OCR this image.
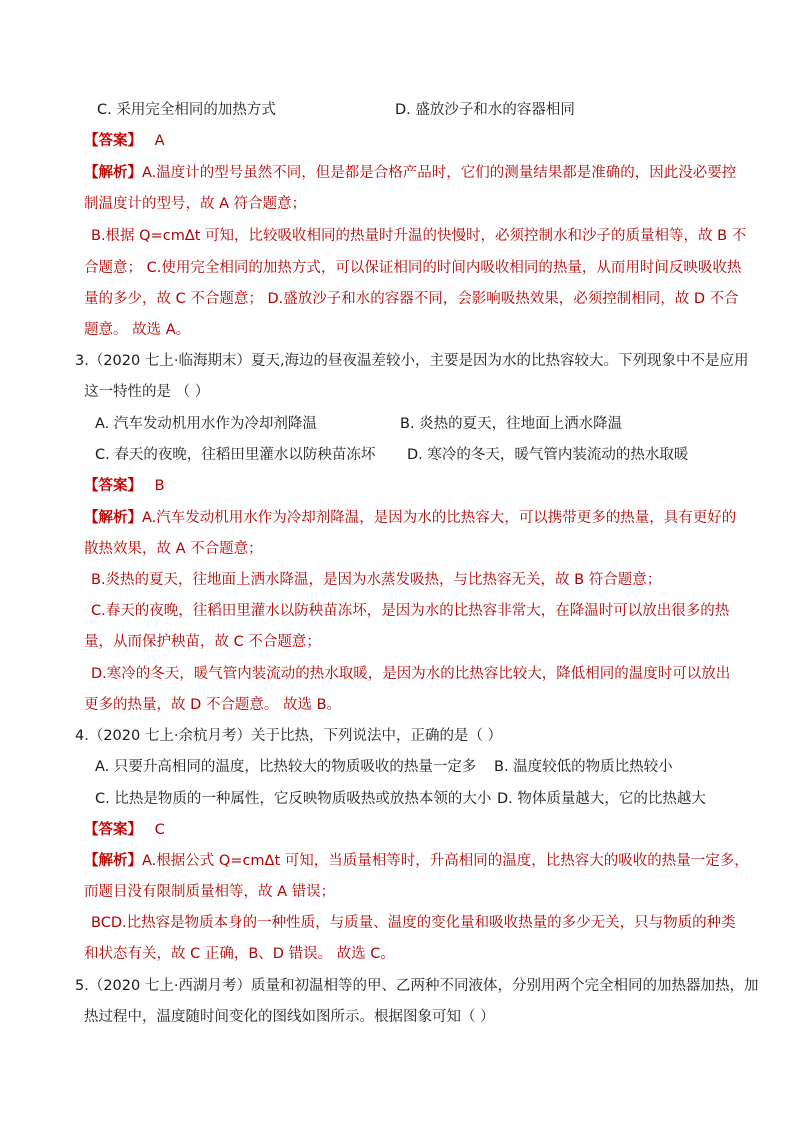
C. 采用完全相同的加热方式	D. 盛放沙子和水的容器相同
【答案】 A
【解析】A.温度计的型号虽然不同，但是都是合格产品时，它们的测量结果都是准确的，因此没必要控
制温度计的型号，故 A 符合题意；
B.根据 Q=cmΔt 可知，比较吸收相同的热量时升温的快慢时，必须控制水和沙子的质量相等，故 B 不
合题意； C.使用完全相同的加热方式，可以保证相同的时间内吸收相同的热量，从而用时间反映吸收热
量的多少，故 C 不合题意； D.盛放沙子和水的容器不同，会影响吸热效果，必须控制相同，故 D 不合
题意。 故选 A。
3.（2020 七上·临海期末）夏天,海边的昼夜温差较小，主要是因为水的比热容较大。下列现象中不是应用
这一特性的是 （ ）
A. 汽车发动机用水作为冷却剂降温	B. 炎热的夏天，往地面上洒水降温
C. 春天的夜晚，往稻田里灌水以防秧苗冻坏 D. 寒冷的冬天，暖气管内装流动的热水取暖
【答案】 B
【解析】A.汽车发动机用水作为冷却剂降温，是因为水的比热容大，可以携带更多的热量，具有更好的
散热效果，故 A 不合题意；
B.炎热的夏天，往地面上洒水降温，是因为水蒸发吸热，与比热容无关，故 B 符合题意；
C.春天的夜晚，往稻田里灌水以防秧苗冻坏，是因为水的比热容非常大，在降温时可以放出很多的热
量，从而保护秧苗，故 C 不合题意；
D.寒冷的冬天，暖气管内装流动的热水取暖，是因为水的比热容比较大，降低相同的温度时可以放出
更多的热量，故 D 不合题意。 故选 B。
4.（2020 七上·余杭月考）关于比热，下列说法中，正确的是（ ）
A. 只要升高相同的温度，比热较大的物质吸收的热量一定多 B. 温度较低的物质比热较小
C. 比热是物质的一种属性，它反映物质吸热或放热本领的大小 D. 物体质量越大，它的比热越大
【答案】 C
【解析】A.根据公式 Q=cmΔt 可知，当质量相等时，升高相同的温度，比热容大的吸收的热量一定多，
而题目没有限制质量相等，故 A 错误；
BCD.比热容是物质本身的一种性质，与质量、温度的变化量和吸收热量的多少无关，只与物质的种类
和状态有关，故 C 正确，B、D 错误。 故选 C。
5.（2020 七上·西湖月考）质量和初温相等的甲、乙两种不同液体，分别用两个完全相同的加热器加热，加
热过程中，温度随时间变化的图线如图所示。根据图象可知（ ）
